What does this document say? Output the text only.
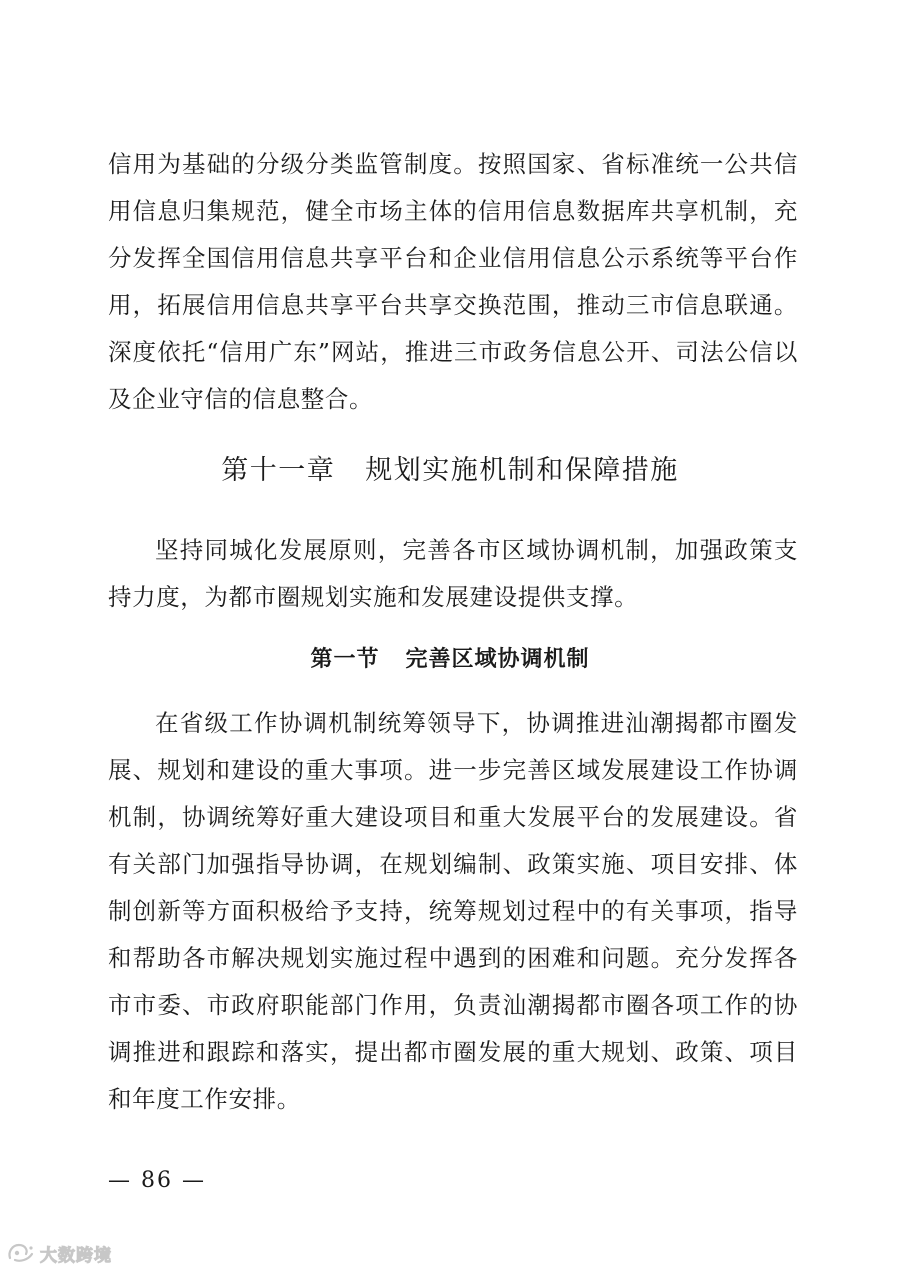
信用为基础的分级分类监管制度。按照国家、省标准统一公共信用信息归集规范，健全市场主体的信用信息数据库共享机制，充分发挥全国信用信息共享平台和企业信用信息公示系统等平台作用，拓展信用信息共享平台共享交换范围，推动三市信息联通。深度依托“信用广东”网站，推进三市政务信息公开、司法公信以及企业守信的信息整合。

第十一章 规划实施机制和保障措施

坚持同城化发展原则，完善各市区域协调机制，加强政策支持力度，为都市圈规划实施和发展建设提供支撑。

第一节 完善区域协调机制

在省级工作协调机制统筹领导下，协调推进汕潮揭都市圈发展、规划和建设的重大事项。进一步完善区域发展建设工作协调机制，协调统筹好重大建设项目和重大发展平台的发展建设。省有关部门加强指导协调，在规划编制、政策实施、项目安排、体制创新等方面积极给予支持，统筹规划过程中的有关事项，指导和帮助各市解决规划实施过程中遇到的困难和问题。充分发挥各市市委、市政府职能部门作用，负责汕潮揭都市圈各项工作的协调推进和跟踪和落实，提出都市圈发展的重大规划、政策、项目和年度工作安排。

— 86 —
大数跨境
